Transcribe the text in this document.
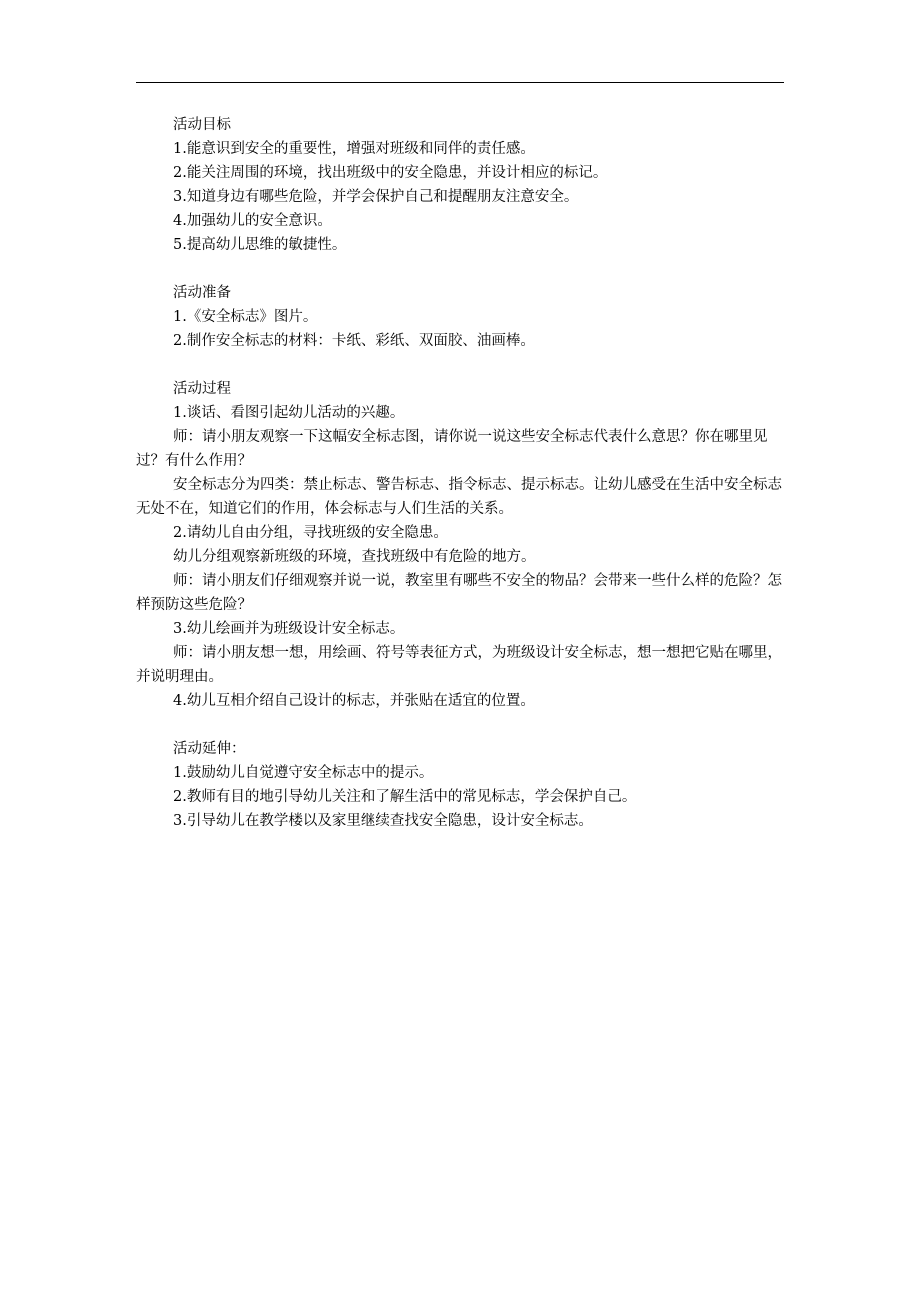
活动目标

1.能意识到安全的重要性，增强对班级和同伴的责任感。

2.能关注周围的环境，找出班级中的安全隐患，并设计相应的标记。

3.知道身边有哪些危险，并学会保护自己和提醒朋友注意安全。

4.加强幼儿的安全意识。

5.提高幼儿思维的敏捷性。

活动准备

1.《安全标志》图片。

2.制作安全标志的材料：卡纸、彩纸、双面胶、油画棒。

活动过程

1.谈话、看图引起幼儿活动的兴趣。

师：请小朋友观察一下这幅安全标志图，请你说一说这些安全标志代表什么意思？你在哪里见过？有什么作用？

安全标志分为四类：禁止标志、警告标志、指令标志、提示标志。让幼儿感受在生活中安全标志无处不在，知道它们的作用，体会标志与人们生活的关系。

2.请幼儿自由分组，寻找班级的安全隐患。

幼儿分组观察新班级的环境，查找班级中有危险的地方。

师：请小朋友们仔细观察并说一说，教室里有哪些不安全的物品？会带来一些什么样的危险？怎样预防这些危险？

3.幼儿绘画并为班级设计安全标志。

师：请小朋友想一想，用绘画、符号等表征方式，为班级设计安全标志，想一想把它贴在哪里，并说明理由。

4.幼儿互相介绍自己设计的标志，并张贴在适宜的位置。

活动延伸：

1.鼓励幼儿自觉遵守安全标志中的提示。

2.教师有目的地引导幼儿关注和了解生活中的常见标志，学会保护自己。

3.引导幼儿在教学楼以及家里继续查找安全隐患，设计安全标志。
